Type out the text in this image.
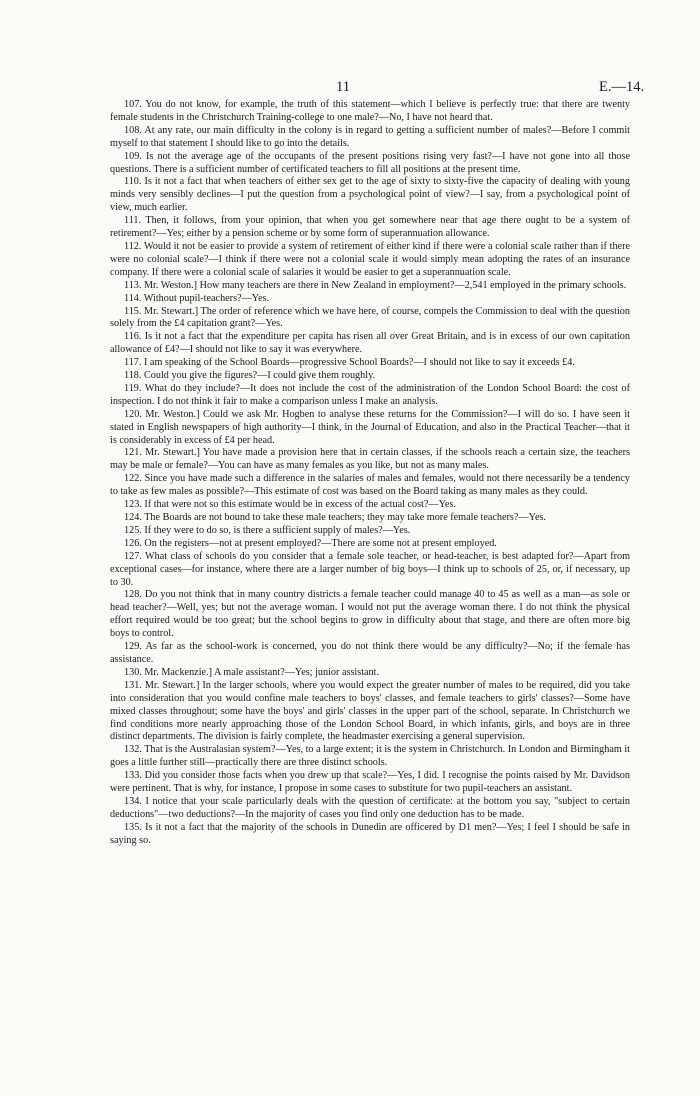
11	E.—14.

107. You do not know, for example, the truth of this statement—which I believe is perfectly true: that there are twenty female students in the Christchurch Training-college to one male?—No, I have not heard that.

108. At any rate, our main difficulty in the colony is in regard to getting a sufficient number of males?—Before I commit myself to that statement I should like to go into the details.

109. Is not the average age of the occupants of the present positions rising very fast?—I have not gone into all those questions. There is a sufficient number of certificated teachers to fill all positions at the present time.

110. Is it not a fact that when teachers of either sex get to the age of sixty to sixty-five the capacity of dealing with young minds very sensibly declines—I put the question from a psychological point of view?—I say, from a psychological point of view, much earlier.

111. Then, it follows, from your opinion, that when you get somewhere near that age there ought to be a system of retirement?—Yes; either by a pension scheme or by some form of superannuation allowance.

112. Would it not be easier to provide a system of retirement of either kind if there were a colonial scale rather than if there were no colonial scale?—I think if there were not a colonial scale it would simply mean adopting the rates of an insurance company. If there were a colonial scale of salaries it would be easier to get a superannuation scale.

113. Mr. Weston.] How many teachers are there in New Zealand in employment?—2,541 employed in the primary schools.

114. Without pupil-teachers?—Yes.

115. Mr. Stewart.] The order of reference which we have here, of course, compels the Commission to deal with the question solely from the £4 capitation grant?—Yes.

116. Is it not a fact that the expenditure per capita has risen all over Great Britain, and is in excess of our own capitation allowance of £4?—I should not like to say it was everywhere.

117. I am speaking of the School Boards—progressive School Boards?—I should not like to say it exceeds £4.

118. Could you give the figures?—I could give them roughly.

119. What do they include?—It does not include the cost of the administration of the London School Board: the cost of inspection. I do not think it fair to make a comparison unless I make an analysis.

120. Mr. Weston.] Could we ask Mr. Hogben to analyse these returns for the Commission?—I will do so. I have seen it stated in English newspapers of high authority—I think, in the Journal of Education, and also in the Practical Teacher—that it is considerably in excess of £4 per head.

121. Mr. Stewart.] You have made a provision here that in certain classes, if the schools reach a certain size, the teachers may be male or female?—You can have as many females as you like, but not as many males.

122. Since you have made such a difference in the salaries of males and females, would not there necessarily be a tendency to take as few males as possible?—This estimate of cost was based on the Board taking as many males as they could.

123. If that were not so this estimate would be in excess of the actual cost?—Yes.

124. The Boards are not bound to take these male teachers; they may take more female teachers?—Yes.

125. If they were to do so, is there a sufficient supply of males?—Yes.

126. On the registers—not at present employed?—There are some not at present employed.

127. What class of schools do you consider that a female sole teacher, or head-teacher, is best adapted for?—Apart from exceptional cases—for instance, where there are a larger number of big boys—I think up to schools of 25, or, if necessary, up to 30.

128. Do you not think that in many country districts a female teacher could manage 40 to 45 as well as a man—as sole or head teacher?—Well, yes; but not the average woman. I would not put the average woman there. I do not think the physical effort required would be too great; but the school begins to grow in difficulty about that stage, and there are often more big boys to control.

129. As far as the school-work is concerned, you do not think there would be any difficulty?—No; if the female has assistance.

130. Mr. Mackenzie.] A male assistant?—Yes; junior assistant.

131. Mr. Stewart.] In the larger schools, where you would expect the greater number of males to be required, did you take into consideration that you would confine male teachers to boys' classes, and female teachers to girls' classes?—Some have mixed classes throughout; some have the boys' and girls' classes in the upper part of the school, separate. In Christchurch we find conditions more nearly approaching those of the London School Board, in which infants, girls, and boys are in three distinct departments. The division is fairly complete, the headmaster exercising a general supervision.

132. That is the Australasian system?—Yes, to a large extent; it is the system in Christchurch. In London and Birmingham it goes a little further still—practically there are three distinct schools.

133. Did you consider those facts when you drew up that scale?—Yes, I did. I recognise the points raised by Mr. Davidson were pertinent. That is why, for instance, I propose in some cases to substitute for two pupil-teachers an assistant.

134. I notice that your scale particularly deals with the question of certificate: at the bottom you say, "subject to certain deductions"—two deductions?—In the majority of cases you find only one deduction has to be made.

135. Is it not a fact that the majority of the schools in Dunedin are officered by D1 men?—Yes; I feel I should be safe in saying so.
